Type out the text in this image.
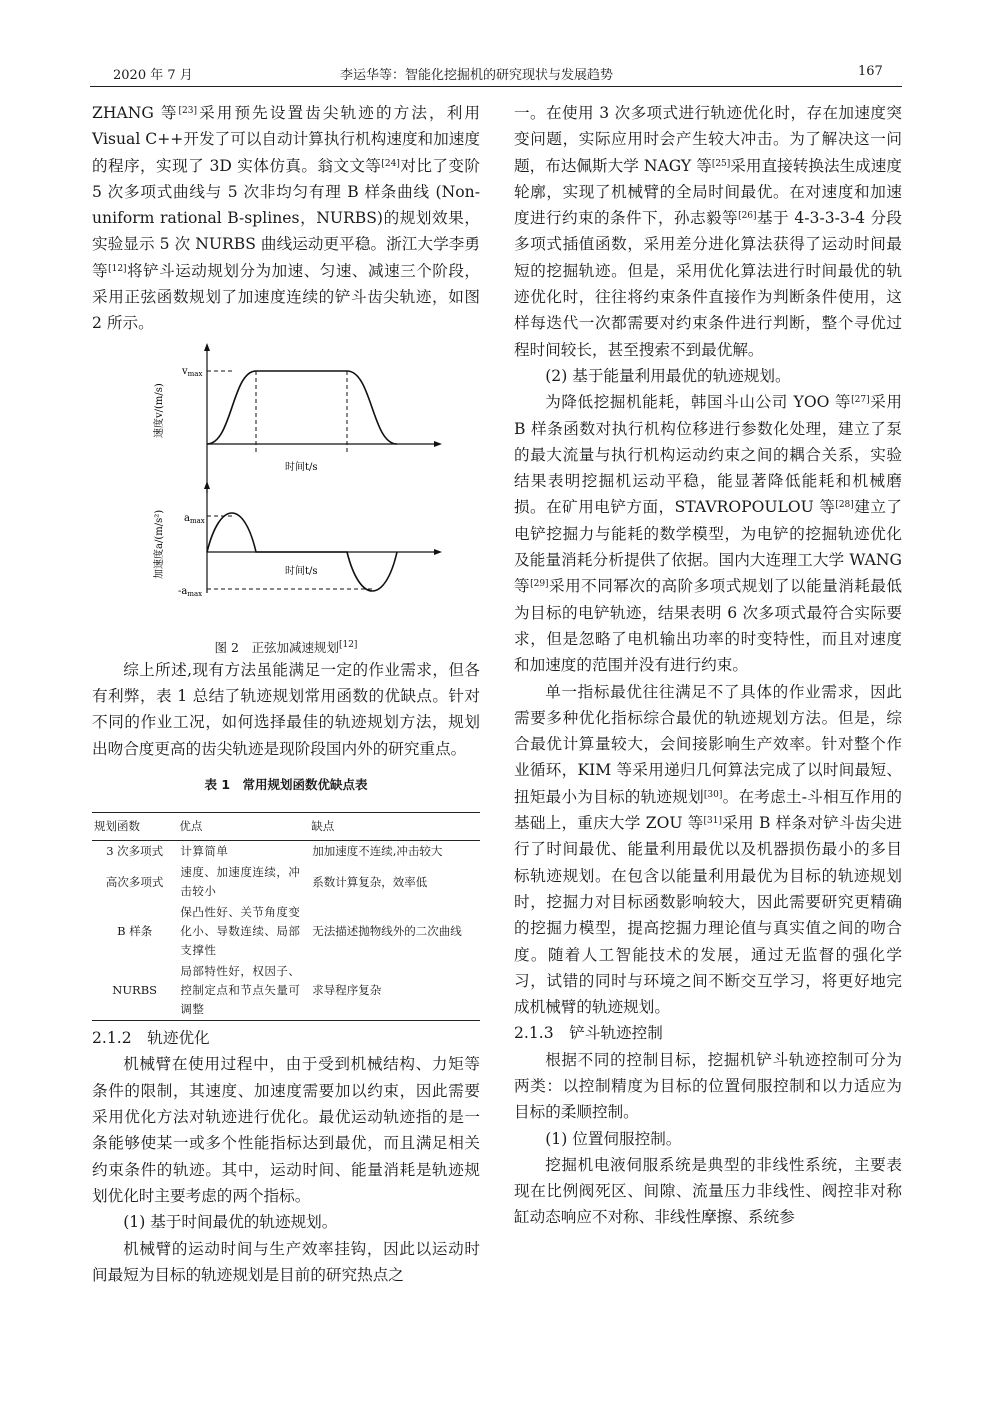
2020 年 7 月	李运华等：智能化挖掘机的研究现状与发展趋势	167

ZHANG 等[23]采用预先设置齿尖轨迹的方法，利用 Visual C++开发了可以自动计算执行机构速度和加速度的程序，实现了 3D 实体仿真。翁文文等[24]对比了变阶 5 次多项式曲线与 5 次非均匀有理 B 样条曲线 (Non-uniform rational B-splines，NURBS)的规划效果，实验显示 5 次 NURBS 曲线运动更平稳。浙江大学李勇等[12]将铲斗运动规划分为加速、匀速、减速三个阶段，采用正弦函数规划了加速度连续的铲斗齿尖轨迹，如图 2 所示。

$v_{max}$
速度v/(m/s)
时间t/s
$a_{max}$
$-a_{max}$
加速度a/(m/s²)	时间t/s

图 2　正弦加减速规划[12]

综上所述,现有方法虽能满足一定的作业需求，但各有利弊，表 1 总结了轨迹规划常用函数的优缺点。针对不同的作业工况，如何选择最佳的轨迹规划方法，规划出吻合度更高的齿尖轨迹是现阶段国内外的研究重点。

表 1　常用规划函数优缺点表
规划函数	优点	缺点
3 次多项式	计算简单	加加速度不连续,冲击较大
高次多项式	速度、加速度连续，冲击较小	系数计算复杂，效率低
B 样条	保凸性好、关节角度变化小、导数连续、局部支撑性	无法描述抛物线外的二次曲线
NURBS	局部特性好，权因子、控制定点和节点矢量可调整	求导程序复杂

2.1.2　轨迹优化

机械臂在使用过程中，由于受到机械结构、力矩等条件的限制，其速度、加速度需要加以约束，因此需要采用优化方法对轨迹进行优化。最优运动轨迹指的是一条能够使某一或多个性能指标达到最优，而且满足相关约束条件的轨迹。其中，运动时间、能量消耗是轨迹规划优化时主要考虑的两个指标。

(1) 基于时间最优的轨迹规划。

机械臂的运动时间与生产效率挂钩，因此以运动时间最短为目标的轨迹规划是目前的研究热点之

一。在使用 3 次多项式进行轨迹优化时，存在加速度突变问题，实际应用时会产生较大冲击。为了解决这一问题，布达佩斯大学 NAGY 等[25]采用直接转换法生成速度轮廓，实现了机械臂的全局时间最优。在对速度和加速度进行约束的条件下，孙志毅等[26]基于 4-3-3-3-4 分段多项式插值函数，采用差分进化算法获得了运动时间最短的挖掘轨迹。但是，采用优化算法进行时间最优的轨迹优化时，往往将约束条件直接作为判断条件使用，这样每迭代一次都需要对约束条件进行判断，整个寻优过程时间较长，甚至搜索不到最优解。

(2) 基于能量利用最优的轨迹规划。

为降低挖掘机能耗，韩国斗山公司 YOO 等[27]采用 B 样条函数对执行机构位移进行参数化处理，建立了泵的最大流量与执行机构运动约束之间的耦合关系，实验结果表明挖掘机运动平稳，能显著降低能耗和机械磨损。在矿用电铲方面，STAVROPOULOU 等[28]建立了电铲挖掘力与能耗的数学模型，为电铲的挖掘轨迹优化及能量消耗分析提供了依据。国内大连理工大学 WANG 等[29]采用不同幂次的高阶多项式规划了以能量消耗最低为目标的电铲轨迹，结果表明 6 次多项式最符合实际要求，但是忽略了电机输出功率的时变特性，而且对速度和加速度的范围并没有进行约束。

单一指标最优往往满足不了具体的作业需求，因此需要多种优化指标综合最优的轨迹规划方法。但是，综合最优计算量较大，会间接影响生产效率。针对整个作业循环，KIM 等采用递归几何算法完成了以时间最短、扭矩最小为目标的轨迹规划[30]。在考虑土-斗相互作用的基础上，重庆大学 ZOU 等[31]采用 B 样条对铲斗齿尖进行了时间最优、能量利用最优以及机器损伤最小的多目标轨迹规划。在包含以能量利用最优为目标的轨迹规划时，挖掘力对目标函数影响较大，因此需要研究更精确的挖掘力模型，提高挖掘力理论值与真实值之间的吻合度。随着人工智能技术的发展，通过无监督的强化学习，试错的同时与环境之间不断交互学习，将更好地完成机械臂的轨迹规划。

2.1.3　铲斗轨迹控制

根据不同的控制目标，挖掘机铲斗轨迹控制可分为两类：以控制精度为目标的位置伺服控制和以力适应为目标的柔顺控制。

(1) 位置伺服控制。

挖掘机电液伺服系统是典型的非线性系统，主要表现在比例阀死区、间隙、流量压力非线性、阀控非对称缸动态响应不对称、非线性摩擦、系统参
